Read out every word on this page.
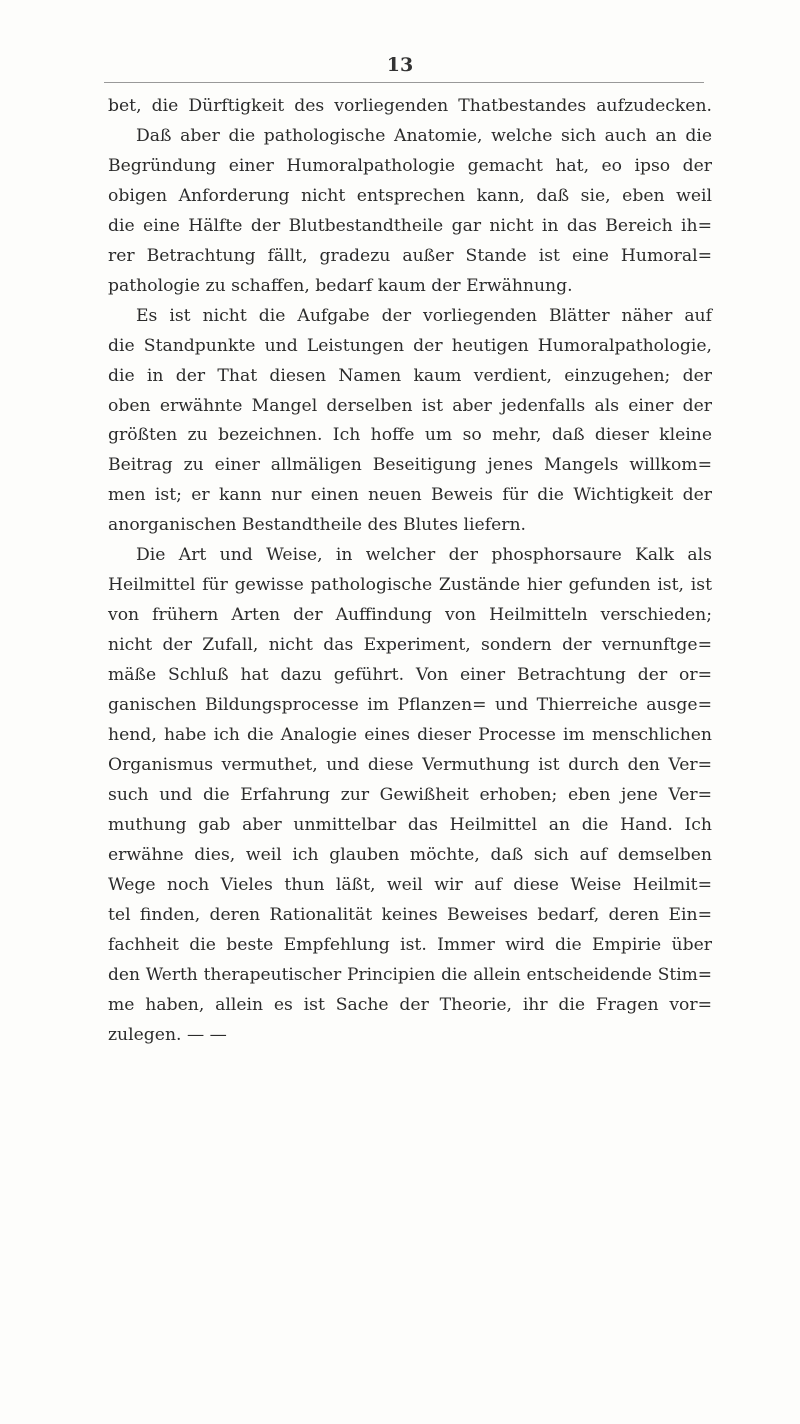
13
bet, die Dürftigkeit des vorliegenden Thatbestandes aufzudecken.
Daß aber die pathologische Anatomie, welche sich auch an die
Begründung einer Humoralpathologie gemacht hat, eo ipso der
obigen Anforderung nicht entsprechen kann, daß sie, eben weil
die eine Hälfte der Blutbestandtheile gar nicht in das Bereich ih=
rer Betrachtung fällt, gradezu außer Stande ist eine Humoral=
pathologie zu schaffen, bedarf kaum der Erwähnung.
Es ist nicht die Aufgabe der vorliegenden Blätter näher auf
die Standpunkte und Leistungen der heutigen Humoralpathologie,
die in der That diesen Namen kaum verdient, einzugehen; der
oben erwähnte Mangel derselben ist aber jedenfalls als einer der
größten zu bezeichnen. Ich hoffe um so mehr, daß dieser kleine
Beitrag zu einer allmäligen Beseitigung jenes Mangels willkom=
men ist; er kann nur einen neuen Beweis für die Wichtigkeit der
anorganischen Bestandtheile des Blutes liefern.
Die Art und Weise, in welcher der phosphorsaure Kalk als
Heilmittel für gewisse pathologische Zustände hier gefunden ist, ist
von frühern Arten der Auffindung von Heilmitteln verschieden;
nicht der Zufall, nicht das Experiment, sondern der vernunftge=
mäße Schluß hat dazu geführt. Von einer Betrachtung der or=
ganischen Bildungsprocesse im Pflanzen= und Thierreiche ausge=
hend, habe ich die Analogie eines dieser Processe im menschlichen
Organismus vermuthet, und diese Vermuthung ist durch den Ver=
such und die Erfahrung zur Gewißheit erhoben; eben jene Ver=
muthung gab aber unmittelbar das Heilmittel an die Hand. Ich
erwähne dies, weil ich glauben möchte, daß sich auf demselben
Wege noch Vieles thun läßt, weil wir auf diese Weise Heilmit=
tel finden, deren Rationalität keines Beweises bedarf, deren Ein=
fachheit die beste Empfehlung ist. Immer wird die Empirie über
den Werth therapeutischer Principien die allein entscheidende Stim=
me haben, allein es ist Sache der Theorie, ihr die Fragen vor=
zulegen. — —
